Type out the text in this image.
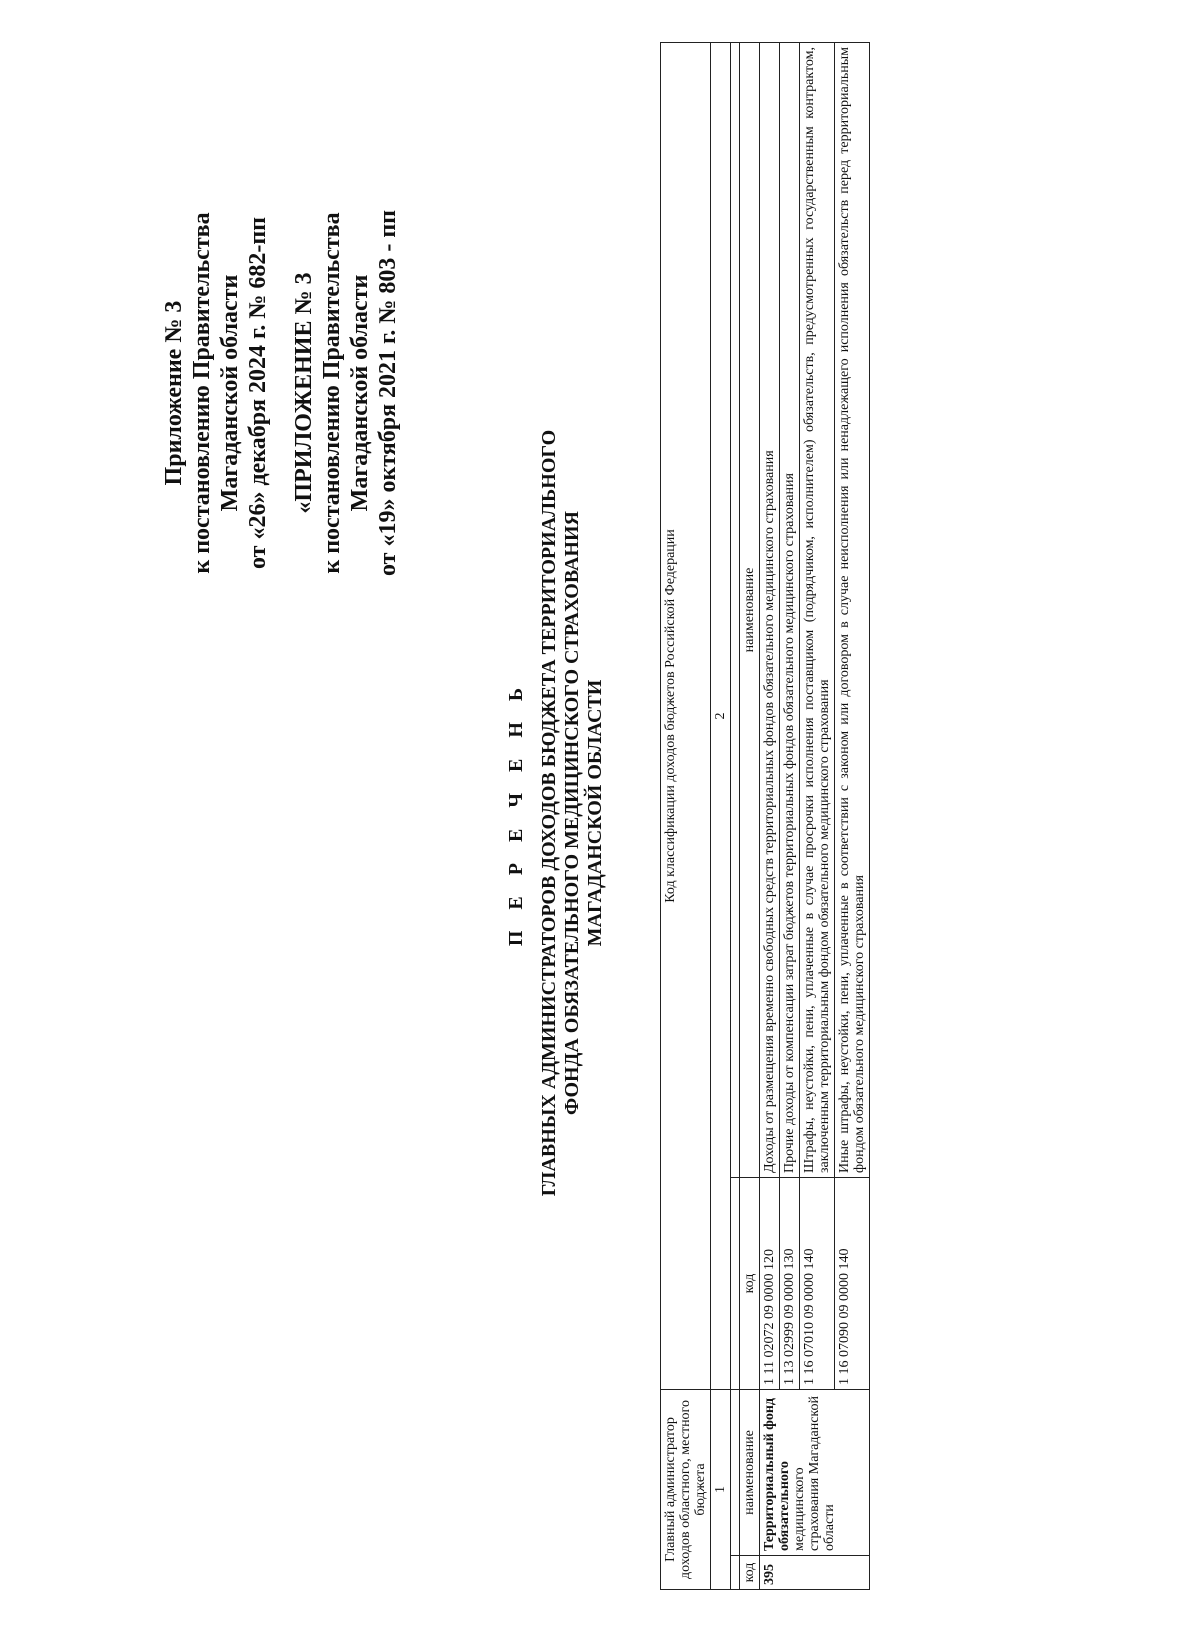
Приложение № 3 к постановлению Правительства Магаданской области от «26» декабря 2024 г. № 682-пп «ПРИЛОЖЕНИЕ № 3 к постановлению Правительства Магаданской области от «19» октября 2021 г. № 803 - пп
П Е Р Е Ч Е Н Ь ГЛАВНЫХ АДМИНИСТРАТОРОВ ДОХОДОВ БЮДЖЕТА ТЕРРИТОРИАЛЬНОГО ФОНДА ОБЯЗАТЕЛЬНОГО МЕДИЦИНСКОГО СТРАХОВАНИЯ МАГАДАНСКОЙ ОБЛАСТИ
Главный администратор доходов областного, местного бюджета		Код классификации доходов бюджетов Российской Федерации	
1		2	

код	наименование	код	наименование
395	Территориальный фонд обязательного медицинского страхования Магаданской области	1 11 02072 09 0000 120	Доходы от размещения временно свободных средств территориальных фондов обязательного медицинского страхования
		1 13 02999 09 0000 130	Прочие доходы от компенсации затрат бюджетов территориальных фондов обязательного медицинского страхования
		1 16 07010 09 0000 140	Штрафы, неустойки, пени, уплаченные в случае просрочки исполнения поставщиком (подрядчиком, исполнителем) обязательств, предусмотренных государственным контрактом, заключенным территориальным фондом обязательного медицинского страхования
		1 16 07090 09 0000 140	Иные штрафы, неустойки, пени, уплаченные в соответствии с законом или договором в случае неисполнения или ненадлежащего исполнения обязательств перед территориальным фондом обязательного медицинского страхования
